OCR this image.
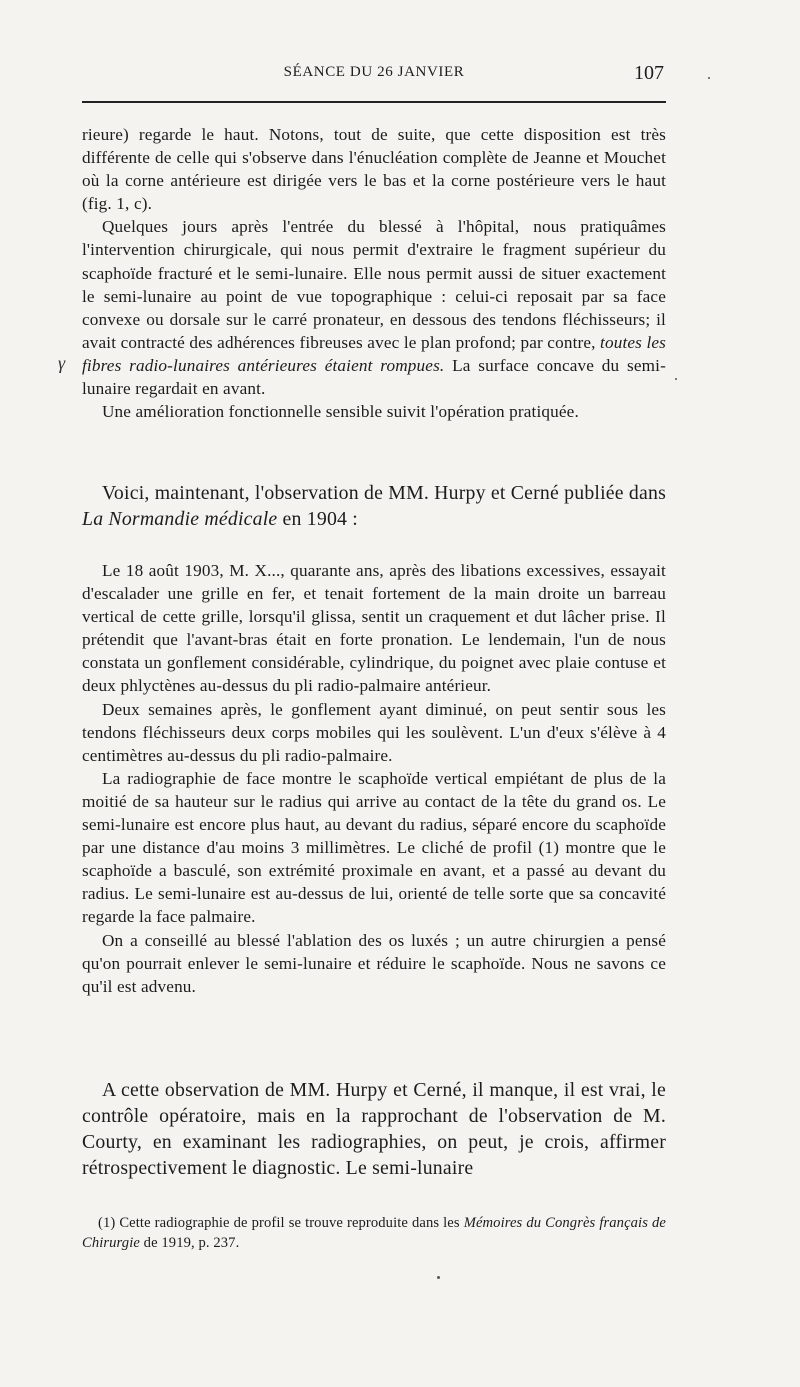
SÉANCE DU 26 JANVIER	107
γ

rieure) regarde le haut. Notons, tout de suite, que cette disposition est très différente de celle qui s'observe dans l'énucléation complète de Jeanne et Mouchet où la corne antérieure est dirigée vers le bas et la corne postérieure vers le haut (fig. 1, c).

Quelques jours après l'entrée du blessé à l'hôpital, nous pratiquâmes l'intervention chirurgicale, qui nous permit d'extraire le fragment supérieur du scaphoïde fracturé et le semi-lunaire. Elle nous permit aussi de situer exactement le semi-lunaire au point de vue topographique : celui-ci reposait par sa face convexe ou dorsale sur le carré pronateur, en dessous des tendons fléchisseurs; il avait contracté des adhérences fibreuses avec le plan profond; par contre, toutes les fibres radio-lunaires antérieures étaient rompues. La surface concave du semi-lunaire regardait en avant.

Une amélioration fonctionnelle sensible suivit l'opération pratiquée.

Voici, maintenant, l'observation de MM. Hurpy et Cerné publiée dans La Normandie médicale en 1904 :

Le 18 août 1903, M. X..., quarante ans, après des libations excessives, essayait d'escalader une grille en fer, et tenait fortement de la main droite un barreau vertical de cette grille, lorsqu'il glissa, sentit un craquement et dut lâcher prise. Il prétendit que l'avant-bras était en forte pronation. Le lendemain, l'un de nous constata un gonflement considérable, cylindrique, du poignet avec plaie contuse et deux phlyctènes au-dessus du pli radio-palmaire antérieur.

Deux semaines après, le gonflement ayant diminué, on peut sentir sous les tendons fléchisseurs deux corps mobiles qui les soulèvent. L'un d'eux s'élève à 4 centimètres au-dessus du pli radio-palmaire.

La radiographie de face montre le scaphoïde vertical empiétant de plus de la moitié de sa hauteur sur le radius qui arrive au contact de la tête du grand os. Le semi-lunaire est encore plus haut, au devant du radius, séparé encore du scaphoïde par une distance d'au moins 3 millimètres. Le cliché de profil (1) montre que le scaphoïde a basculé, son extrémité proximale en avant, et a passé au devant du radius. Le semi-lunaire est au-dessus de lui, orienté de telle sorte que sa concavité regarde la face palmaire.

On a conseillé au blessé l'ablation des os luxés ; un autre chirurgien a pensé qu'on pourrait enlever le semi-lunaire et réduire le scaphoïde. Nous ne savons ce qu'il est advenu.

A cette observation de MM. Hurpy et Cerné, il manque, il est vrai, le contrôle opératoire, mais en la rapprochant de l'observation de M. Courty, en examinant les radiographies, on peut, je crois, affirmer rétrospectivement le diagnostic. Le semi-lunaire

(1) Cette radiographie de profil se trouve reproduite dans les Mémoires du Congrès français de Chirurgie de 1919, p. 237.
